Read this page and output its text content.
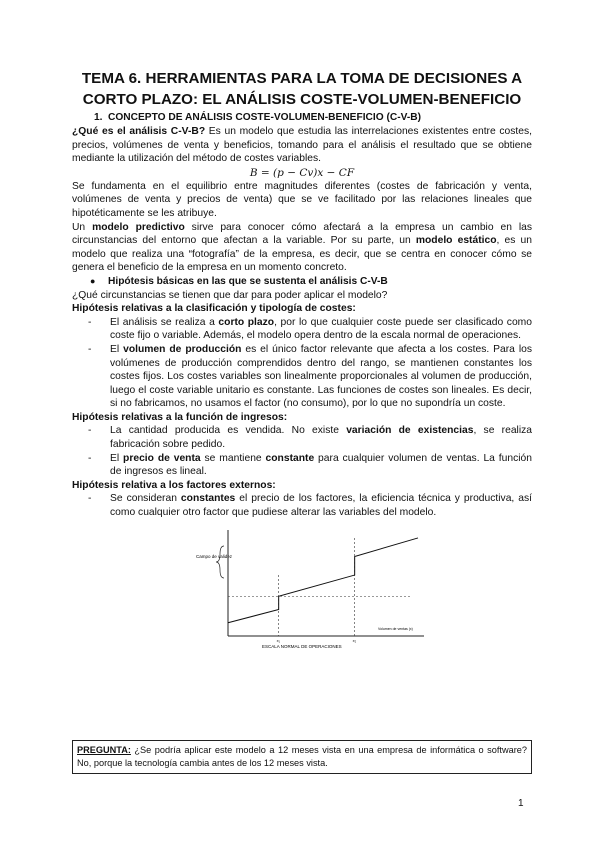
TEMA 6. HERRAMIENTAS PARA LA TOMA DE DECISIONES A CORTO PLAZO: EL ANÁLISIS COSTE-VOLUMEN-BENEFICIO
1. CONCEPTO DE ANÁLISIS COSTE-VOLUMEN-BENEFICIO (C-V-B)

¿Qué es el análisis C-V-B? Es un modelo que estudia las interrelaciones existentes entre costes, precios, volúmenes de venta y beneficios, tomando para el análisis el resultado que se obtiene mediante la utilización del método de costes variables.

B = (p − Cv)x − CF

Se fundamenta en el equilibrio entre magnitudes diferentes (costes de fabricación y venta, volúmenes de venta y precios de venta) que se ve facilitado por las relaciones lineales que hipotéticamente se les atribuye.

Un modelo predictivo sirve para conocer cómo afectará a la empresa un cambio en las circunstancias del entorno que afectan a la variable. Por su parte, un modelo estático, es un modelo que realiza una “fotografía” de la empresa, es decir, que se centra en conocer cómo se genera el beneficio de la empresa en un momento concreto.

● Hipótesis básicas en las que se sustenta el análisis C-V-B

¿Qué circunstancias se tienen que dar para poder aplicar el modelo?

Hipótesis relativas a la clasificación y tipología de costes:
- El análisis se realiza a corto plazo, por lo que cualquier coste puede ser clasificado como coste fijo o variable. Además, el modelo opera dentro de la escala normal de operaciones.
- El volumen de producción es el único factor relevante que afecta a los costes. Para los volúmenes de producción comprendidos dentro del rango, se mantienen constantes los costes fijos. Los costes variables son linealmente proporcionales al volumen de producción, luego el coste variable unitario es constante. Las funciones de costes son lineales. Es decir, si no fabricamos, no usamos el factor (no consumo), por lo que no supondría un coste.
Hipótesis relativas a la función de ingresos:
- La cantidad producida es vendida. No existe variación de existencias, se realiza fabricación sobre pedido.
- El precio de venta se mantiene constante para cualquier volumen de ventas. La función de ingresos es lineal.
Hipótesis relativa a los factores externos:
- Se consideran constantes el precio de los factores, la eficiencia técnica y productiva, así como cualquier otro factor que pudiese alterar las variables del modelo.
Campo de validez
x₁	x₂
ESCALA NORMAL DE OPERACIONES
Volumen de ventas (x)
PREGUNTA: ¿Se podría aplicar este modelo a 12 meses vista en una empresa de informática o software? No, porque la tecnología cambia antes de los 12 meses vista.
1
